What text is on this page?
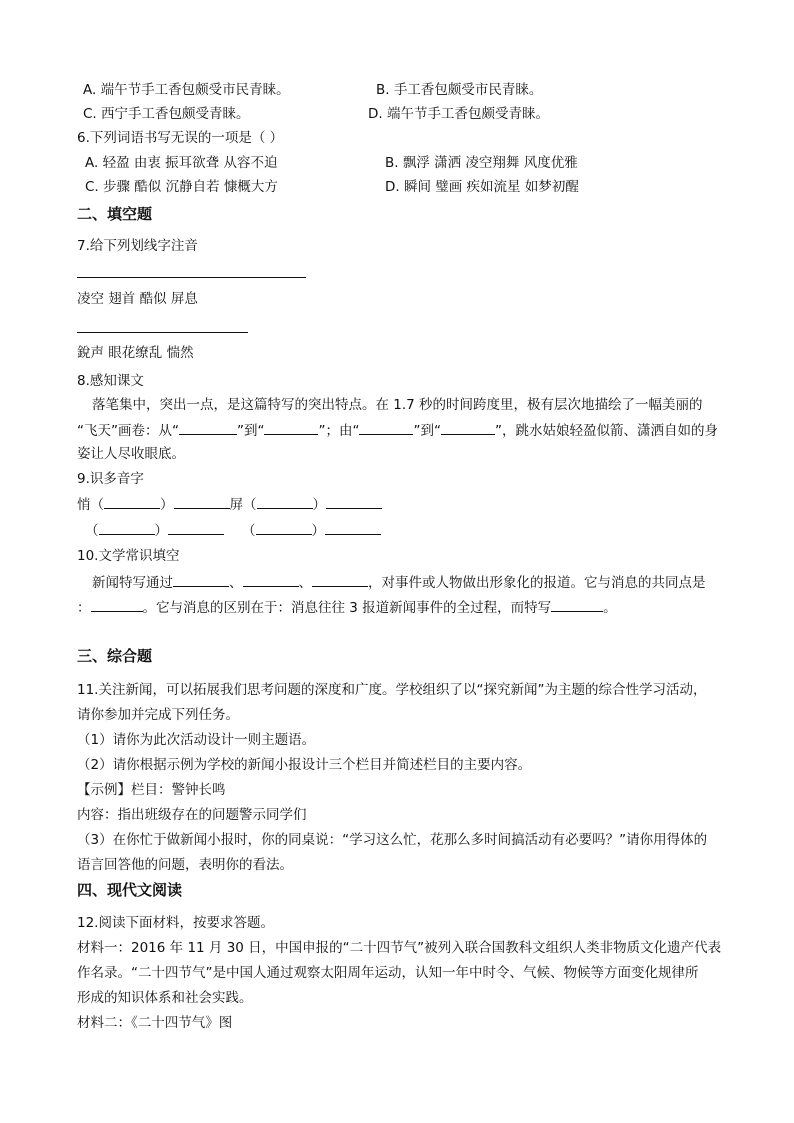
A. 端午节手工香包颇受市民青睐。	B. 手工香包颇受市民青睐。
C. 西宁手工香包颇受青睐。	D. 端午节手工香包颇受青睐。
6.下列词语书写无误的一项是（ ）
A. 轻盈 由衷 振耳欲聋 从容不迫	B. 飘浮 潇洒 凌空翔舞 风度优雅
C. 步骤 酷似 沉静自若 慷概大方	D. 瞬间 璧画 疾如流星 如梦初醒
二、填空题
7.给下列划线字注音
凌空 翅首 酷似 屏息
銳声 眼花缭乱 惴然
8.感知课文
落笔集中，突出一点，是这篇特写的突出特点。在 1.7 秒的时间跨度里，极有层次地描绘了一幅美丽的
“飞天”画卷：从“	”到“	”；由“	”到“	”，跳水姑娘轻盈似箭、潇洒自如的身
姿让人尽收眼底。
9.识多音字
悄（	）	屏（	）
（	）	（	）
10.文学常识填空
新闻特写通过	、	、	，对事件或人物做出形象化的报道。它与消息的共同点是
：	。它与消息的区别在于：消息往往 3 报道新闻事件的全过程，而特写	。
三、综合题
11.关注新闻，可以拓展我们思考问题的深度和广度。学校组织了以“探究新闻”为主题的综合性学习活动，
请你参加并完成下列任务。
（1）请你为此次活动设计一则主题语。
（2）请你根据示例为学校的新闻小报设计三个栏目并简述栏目的主要内容。
【示例】栏目：警钟长鸣
内容：指出班级存在的问题警示同学们
（3）在你忙于做新闻小报时，你的同桌说：“学习这么忙，花那么多时间搞活动有必要吗？”请你用得体的
语言回答他的问题，表明你的看法。
四、现代文阅读
12.阅读下面材料，按要求答题。
材料一：2016 年 11 月 30 日，中国申报的“二十四节气”被列入联合国教科文组织人类非物质文化遗产代表
作名录。“二十四节气”是中国人通过观察太阳周年运动，认知一年中时令、气候、物候等方面变化规律所
形成的知识体系和社会实践。
材料二：《二十四节气》图
